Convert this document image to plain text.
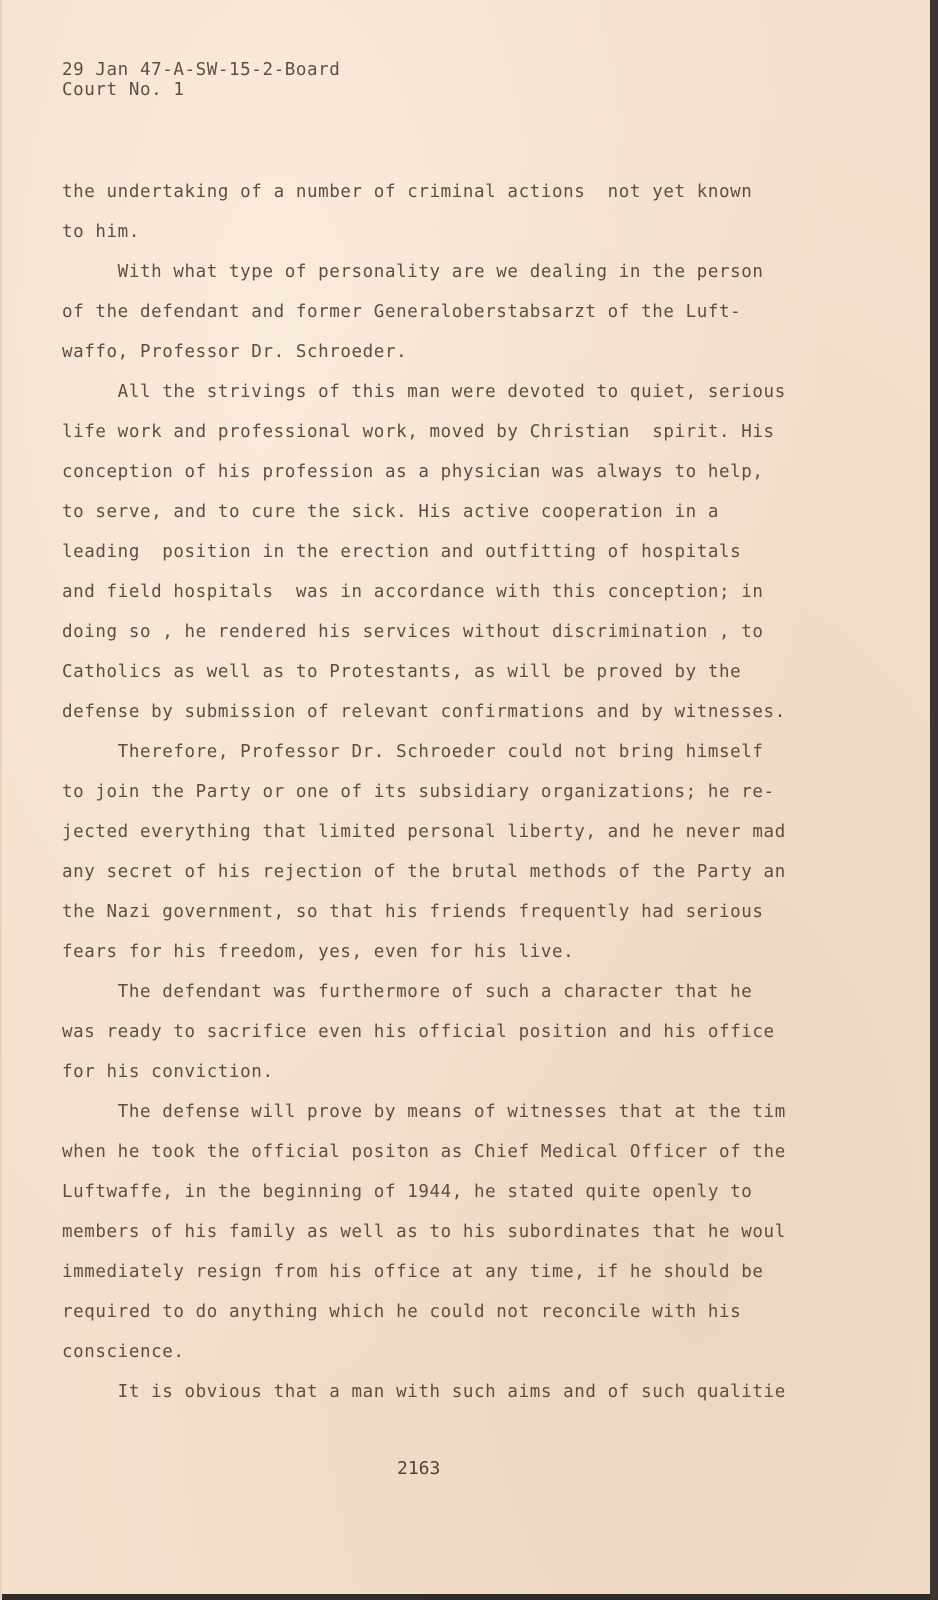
29 Jan 47-A-SW-15-2-Board
Court No. 1
the undertaking of a number of criminal actions  not yet known
to him.
With what type of personality are we dealing in the person
of the defendant and former Generaloberstabsarzt of the Luft-
waffo, Professor Dr. Schroeder.
All the strivings of this man were devoted to quiet, serious
life work and professional work, moved by Christian  spirit. His
conception of his profession as a physician was always to help,
to serve, and to cure the sick. His active cooperation in a
leading  position in the erection and outfitting of hospitals
and field hospitals  was in accordance with this conception; in
doing so , he rendered his services without discrimination , to
Catholics as well as to Protestants, as will be proved by the
defense by submission of relevant confirmations and by witnesses.
Therefore, Professor Dr. Schroeder could not bring himself
to join the Party or one of its subsidiary organizations; he re-
jected everything that limited personal liberty, and he never mad
any secret of his rejection of the brutal methods of the Party an
the Nazi government, so that his friends frequently had serious
fears for his freedom, yes, even for his live.
The defendant was furthermore of such a character that he
was ready to sacrifice even his official position and his office
for his conviction.
The defense will prove by means of witnesses that at the tim
when he took the official positon as Chief Medical Officer of the
Luftwaffe, in the beginning of 1944, he stated quite openly to
members of his family as well as to his subordinates that he woul
immediately resign from his office at any time, if he should be
required to do anything which he could not reconcile with his
conscience.
It is obvious that a man with such aims and of such qualitie
2163
